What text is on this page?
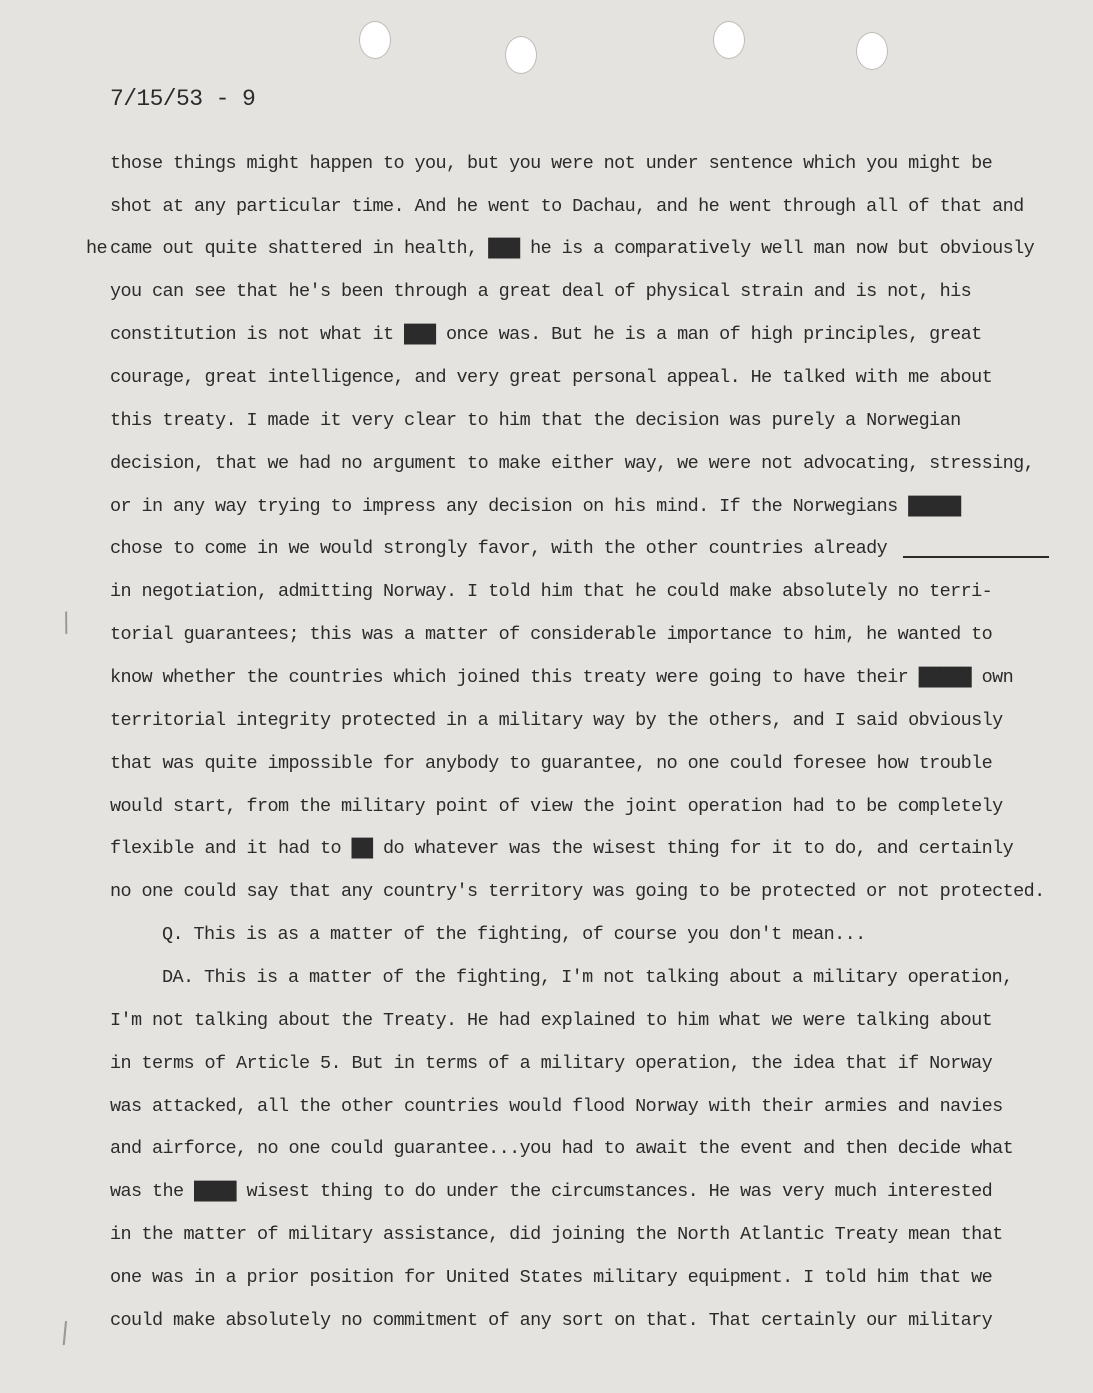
7/15/53 - 9
he
those things might happen to you, but you were not under sentence which you might be
shot at any particular time. And he went to Dachau, and he went through all of that and
came out quite shattered in health, ███ he is a comparatively well man now but obviously
you can see that he's been through a great deal of physical strain and is not, his
constitution is not what it ███ once was. But he is a man of high principles, great
courage, great intelligence, and very great personal appeal. He talked with me about
this treaty. I made it very clear to him that the decision was purely a Norwegian
decision, that we had no argument to make either way, we were not advocating, stressing,
or in any way trying to impress any decision on his mind. If the Norwegians █████
chose to come in we would strongly favor, with the other countries already
in negotiation, admitting Norway. I told him that he could make absolutely no terri-
torial guarantees; this was a matter of considerable importance to him, he wanted to
know whether the countries which joined this treaty were going to have their █████ own
territorial integrity protected in a military way by the others, and I said obviously
that was quite impossible for anybody to guarantee, no one could foresee how trouble
would start, from the military point of view the joint operation had to be completely
flexible and it had to ██ do whatever was the wisest thing for it to do, and certainly
no one could say that any country's territory was going to be protected or not protected.
Q. This is as a matter of the fighting, of course you don't mean...
DA. This is a matter of the fighting, I'm not talking about a military operation,
I'm not talking about the Treaty. He had explained to him what we were talking about
in terms of Article 5. But in terms of a military operation, the idea that if Norway
was attacked, all the other countries would flood Norway with their armies and navies
and airforce, no one could guarantee...you had to await the event and then decide what
was the ████ wisest thing to do under the circumstances. He was very much interested
in the matter of military assistance, did joining the North Atlantic Treaty mean that
one was in a prior position for United States military equipment. I told him that we
could make absolutely no commitment of any sort on that. That certainly our military
/
/
